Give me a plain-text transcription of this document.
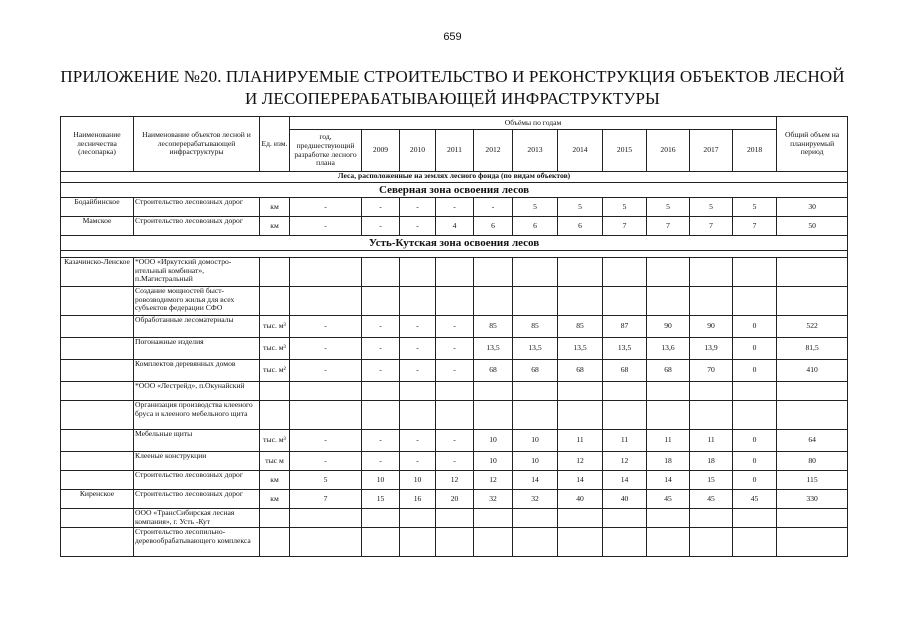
659
ПРИЛОЖЕНИЕ №20. ПЛАНИРУЕМЫЕ СТРОИТЕЛЬСТВО И РЕКОНСТРУКЦИЯ ОБЪЕКТОВ ЛЕСНОЙ
И ЛЕСОПЕРЕРАБАТЫВАЮЩЕЙ ИНФРАСТРУКТУРЫ
Наименование лесничества (лесопарка)	Наименование объектов лесной и лесоперерабатывающей инфраструктуры	Ед. изм.	Объёмы по годам											Общий объем на планируемый период
			год, предшествующий разработке лесного плана	2009	2010	2011	2012	2013	2014	2015	2016	2017	2018	
Леса, расположенные на землях лесного фонда (по видам объектов)														
Северная зона освоения лесов														
Бодайбинское	Строительство лесовозных дорог	км	-	-	-	-	-	5	5	5	5	5	5	30
Мамское	Строительство лесовозных дорог	км	-	-	-	4	6	6	6	7	7	7	7	50
Усть-Кутская зона освоения лесов														

Казачинско-Ленское	*ООО «Иркутский домостро-ительный комбинат», п.Магистральный													
	Создание мощностей быст-ровозводимого жилья для всех субъектов федерации СФО													
	Обработанные лесоматериалы	тыс. м³	-	-	-	-	85	85	85	87	90	90	0	522
	Погонажные изделия	тыс. м³	-	-	-	-	13,5	13,5	13,5	13,5	13,6	13,9	0	81,5
	Комплектов деревянных домов	тыс. м²	-	-	-	-	68	68	68	68	68	70	0	410
	*ООО «Лестрейд», п.Окунайский													
	Организация производства клееного бруса и клееного мебельного щита													
	Мебельные щиты	тыс. м³	-	-	-	-	10	10	11	11	11	11	0	64
	Клееные конструкции	тыс м	-	-	-	-	10	10	12	12	18	18	0	80
	Строительство лесовозных дорог	км	5	10	10	12	12	14	14	14	14	15	0	115
Киренское	Строительство лесовозных дорог	км	7	15	16	20	32	32	40	40	45	45	45	330
	ООО «ТрансСибирская лесная компания», г. Усть -Кут													
	Строительство лесопильно-деревообрабатывающего комплекса													
